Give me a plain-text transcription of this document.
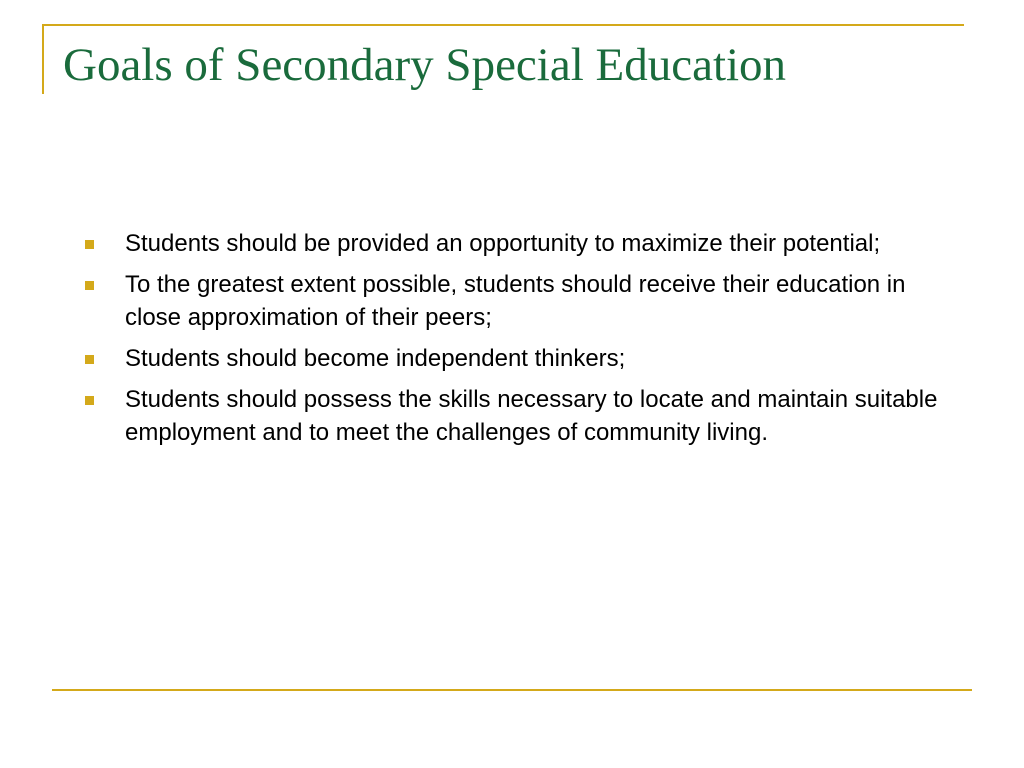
Goals of Secondary Special Education
Students should be provided an opportunity to maximize their potential;
To the greatest extent possible, students should receive their education in close approximation of their peers;
Students should become independent thinkers;
Students should possess the skills necessary to locate and maintain suitable employment and to meet the challenges of community living.
